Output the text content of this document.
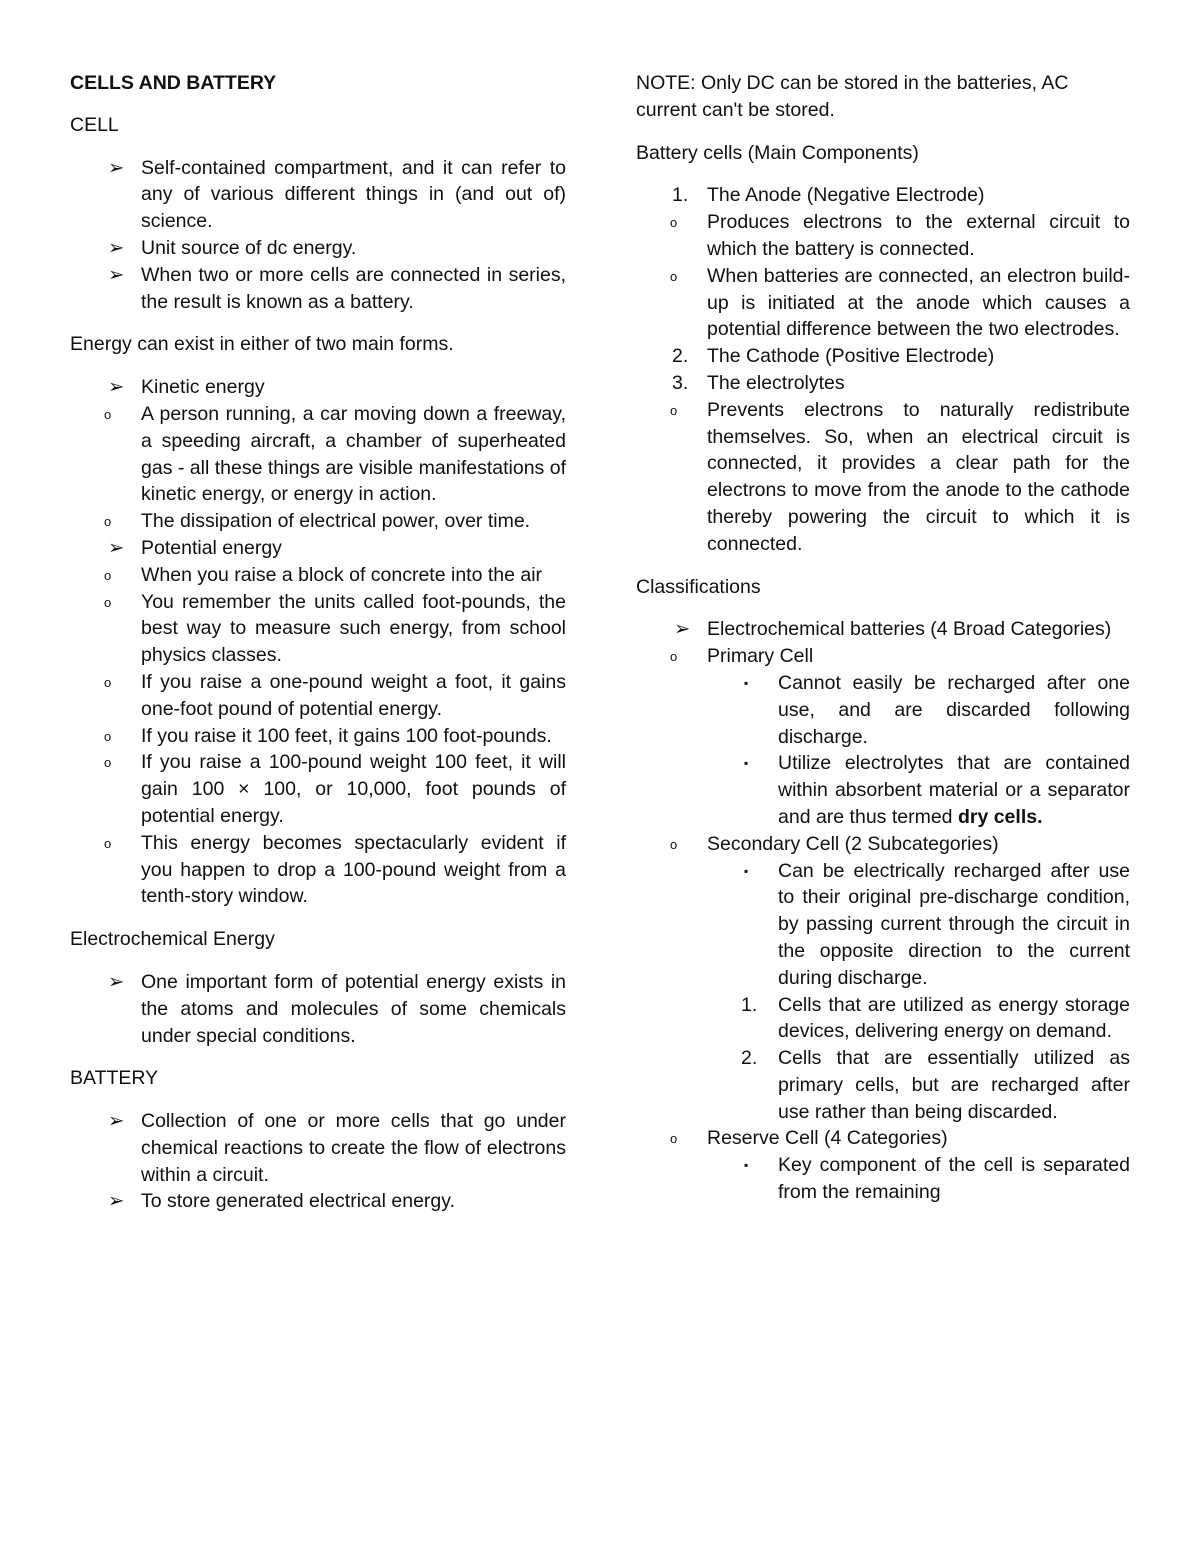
CELLS AND BATTERY

CELL

➢ Self-contained compartment, and it can refer to any of various different things in (and out of) science.
➢ Unit source of dc energy.
➢ When two or more cells are connected in series, the result is known as a battery.

Energy can exist in either of two main forms.

➢ Kinetic energy
o A person running, a car moving down a freeway, a speeding aircraft, a chamber of superheated gas - all these things are visible manifestations of kinetic energy, or energy in action.
o The dissipation of electrical power, over time.
➢ Potential energy
o When you raise a block of concrete into the air
o You remember the units called foot-pounds, the best way to measure such energy, from school physics classes.
o If you raise a one-pound weight a foot, it gains one-foot pound of potential energy.
o If you raise it 100 feet, it gains 100 foot-pounds.
o If you raise a 100-pound weight 100 feet, it will gain 100 × 100, or 10,000, foot pounds of potential energy.
o This energy becomes spectacularly evident if you happen to drop a 100-pound weight from a tenth-story window.

Electrochemical Energy

➢ One important form of potential energy exists in the atoms and molecules of some chemicals under special conditions.

BATTERY

➢ Collection of one or more cells that go under chemical reactions to create the flow of electrons within a circuit.
➢ To store generated electrical energy.

NOTE: Only DC can be stored in the batteries, AC current can't be stored.

Battery cells (Main Components)

1. The Anode (Negative Electrode)
o Produces electrons to the external circuit to which the battery is connected.
o When batteries are connected, an electron build-up is initiated at the anode which causes a potential difference between the two electrodes.
2. The Cathode (Positive Electrode)
3. The electrolytes
o Prevents electrons to naturally redistribute themselves. So, when an electrical circuit is connected, it provides a clear path for the electrons to move from the anode to the cathode thereby powering the circuit to which it is connected.

Classifications

➢ Electrochemical batteries (4 Broad Categories)
o Primary Cell
▪ Cannot easily be recharged after one use, and are discarded following discharge.
▪ Utilize electrolytes that are contained within absorbent material or a separator and are thus termed dry cells.
o Secondary Cell (2 Subcategories)
▪ Can be electrically recharged after use to their original pre-discharge condition, by passing current through the circuit in the opposite direction to the current during discharge.
1. Cells that are utilized as energy storage devices, delivering energy on demand.
2. Cells that are essentially utilized as primary cells, but are recharged after use rather than being discarded.
o Reserve Cell (4 Categories)
▪ Key component of the cell is separated from the remaining
